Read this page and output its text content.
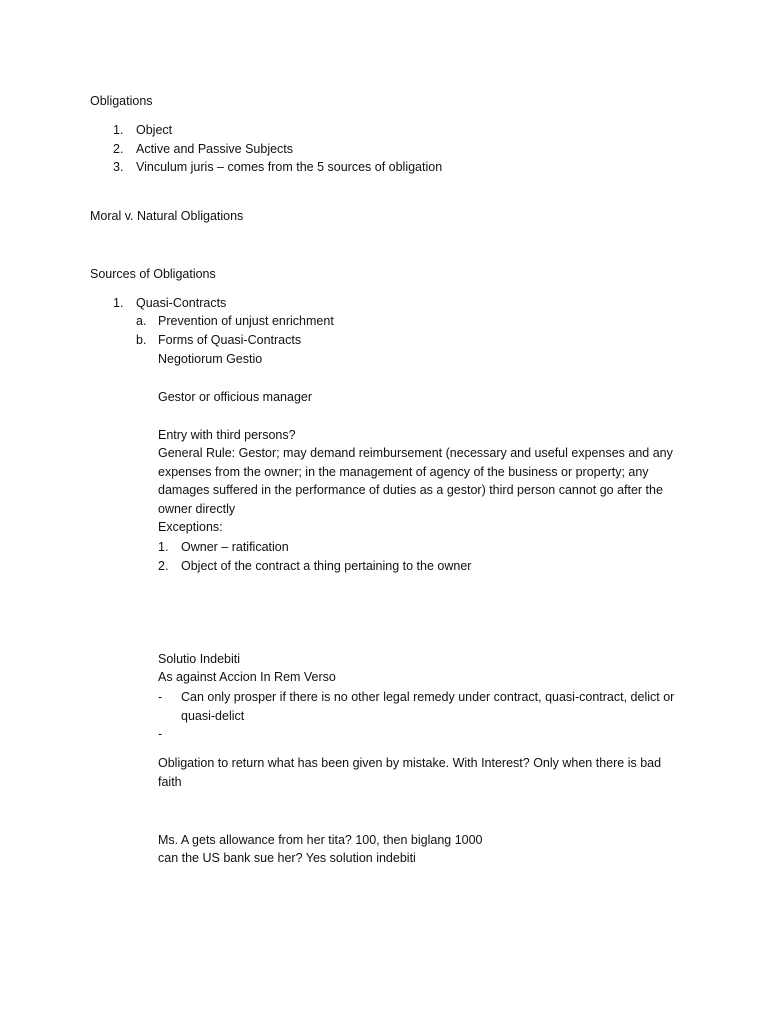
Obligations
1. Object
2. Active and Passive Subjects
3. Vinculum juris – comes from the 5 sources of obligation
Moral v. Natural Obligations
Sources of Obligations
1. Quasi-Contracts
a. Prevention of unjust enrichment
b. Forms of Quasi-Contracts
Negotiorum Gestio
Gestor or officious manager
Entry with third persons?
General Rule: Gestor; may demand reimbursement (necessary and useful expenses and any expenses from the owner; in the management of agency of the business or property; any damages suffered in the performance of duties as a gestor) third person cannot go after the owner directly
Exceptions:
1. Owner – ratification
2. Object of the contract a thing pertaining to the owner
Solutio Indebiti
As against Accion In Rem Verso
- Can only prosper if there is no other legal remedy under contract, quasi-contract, delict or quasi-delict
-
Obligation to return what has been given by mistake. With Interest? Only when there is bad faith
Ms. A gets allowance from her tita? 100, then biglang 1000
can the US bank sue her? Yes solution indebiti
